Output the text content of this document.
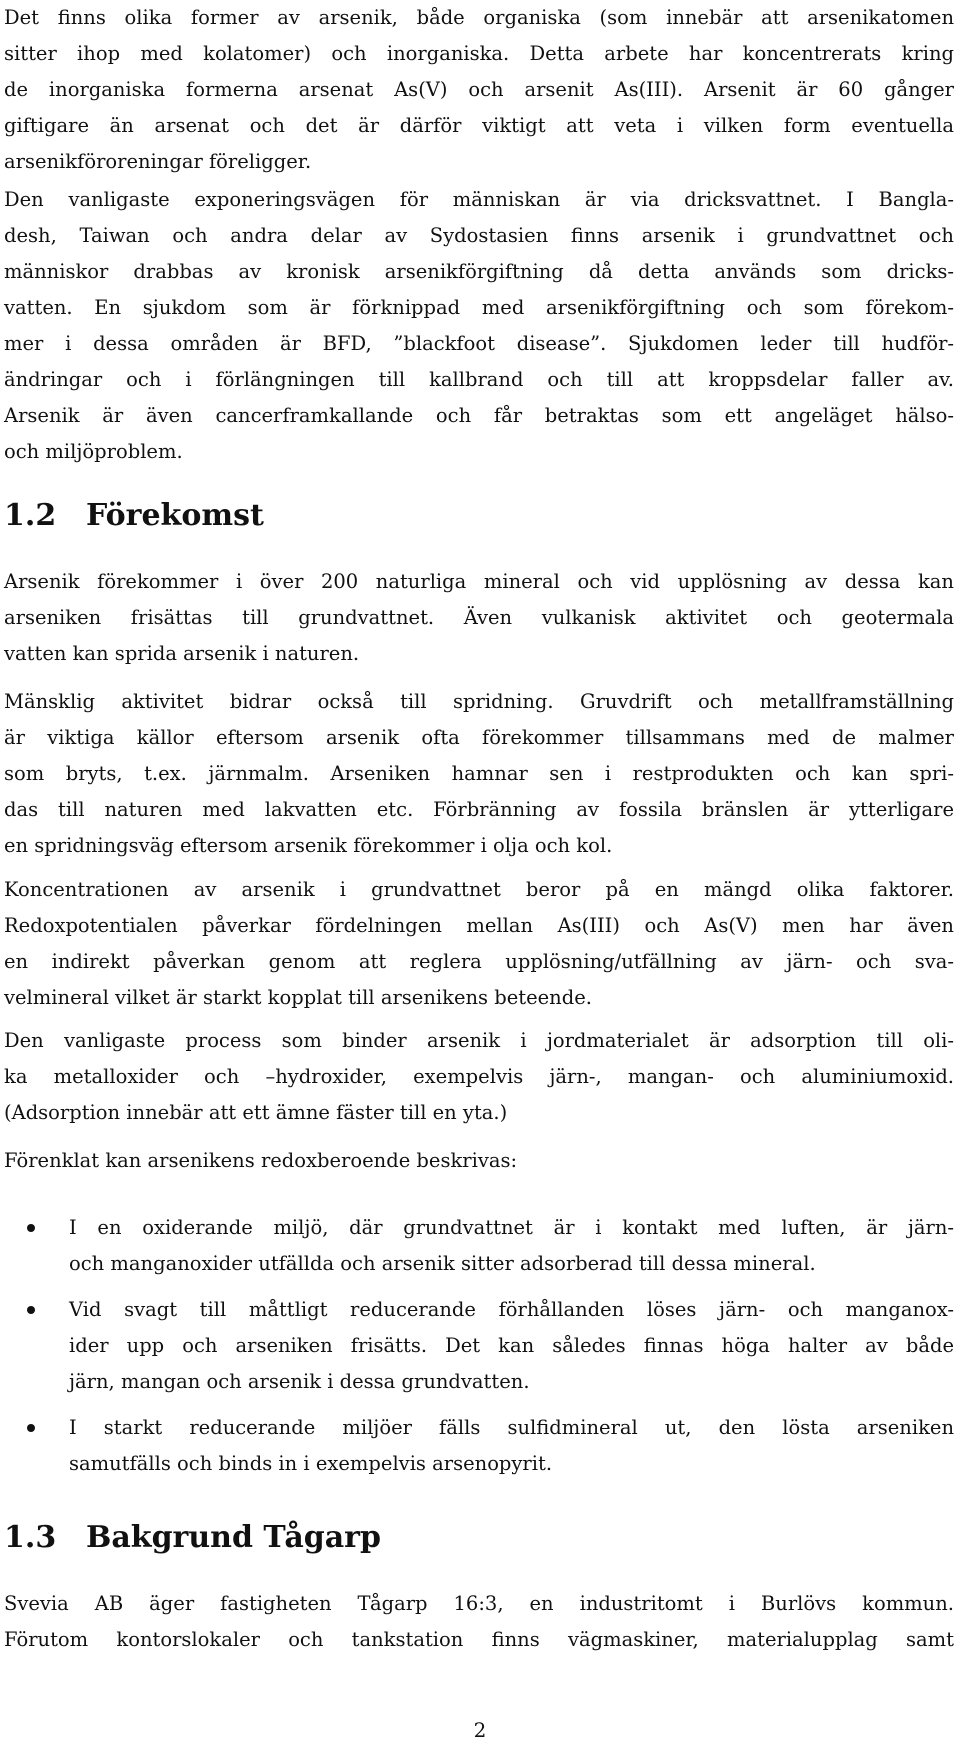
Det finns olika former av arsenik, både organiska (som innebär att arsenikatomen
sitter ihop med kolatomer) och inorganiska. Detta arbete har koncentrerats kring
de inorganiska formerna arsenat As(V) och arsenit As(III). Arsenit är 60 gånger
giftigare än arsenat och det är därför viktigt att veta i vilken form eventuella
arsenikföroreningar föreligger.

Den vanligaste exponeringsvägen för människan är via dricksvattnet. I Bangla-
desh, Taiwan och andra delar av Sydostasien finns arsenik i grundvattnet och
människor drabbas av kronisk arsenikförgiftning då detta används som dricks-
vatten. En sjukdom som är förknippad med arsenikförgiftning och som förekom-
mer i dessa områden är BFD, ”blackfoot disease”. Sjukdomen leder till hudför-
ändringar och i förlängningen till kallbrand och till att kroppsdelar faller av.
Arsenik är även cancerframkallande och får betraktas som ett angeläget hälso-
och miljöproblem.

1.2 Förekomst

Arsenik förekommer i över 200 naturliga mineral och vid upplösning av dessa kan
arseniken frisättas till grundvattnet. Även vulkanisk aktivitet och geotermala
vatten kan sprida arsenik i naturen.

Mänsklig aktivitet bidrar också till spridning. Gruvdrift och metallframställning
är viktiga källor eftersom arsenik ofta förekommer tillsammans med de malmer
som bryts, t.ex. järnmalm. Arseniken hamnar sen i restprodukten och kan spri-
das till naturen med lakvatten etc. Förbränning av fossila bränslen är ytterligare
en spridningsväg eftersom arsenik förekommer i olja och kol.

Koncentrationen av arsenik i grundvattnet beror på en mängd olika faktorer.
Redoxpotentialen påverkar fördelningen mellan As(III) och As(V) men har även
en indirekt påverkan genom att reglera upplösning/utfällning av järn- och sva-
velmineral vilket är starkt kopplat till arsenikens beteende.

Den vanligaste process som binder arsenik i jordmaterialet är adsorption till oli-
ka metalloxider och –hydroxider, exempelvis järn-, mangan- och aluminiumoxid.
(Adsorption innebär att ett ämne fäster till en yta.)

Förenklat kan arsenikens redoxberoende beskrivas:

I en oxiderande miljö, där grundvattnet är i kontakt med luften, är järn-
och manganoxider utfällda och arsenik sitter adsorberad till dessa mineral.
Vid svagt till måttligt reducerande förhållanden löses järn- och manganox-
ider upp och arseniken frisätts. Det kan således finnas höga halter av både
järn, mangan och arsenik i dessa grundvatten.
I starkt reducerande miljöer fälls sulfidmineral ut, den lösta arseniken
samutfälls och binds in i exempelvis arsenopyrit.
1.3 Bakgrund Tågarp

Svevia AB äger fastigheten Tågarp 16:3, en industritomt i Burlövs kommun.
Förutom kontorslokaler och tankstation finns vägmaskiner, materialupplag samt

2
